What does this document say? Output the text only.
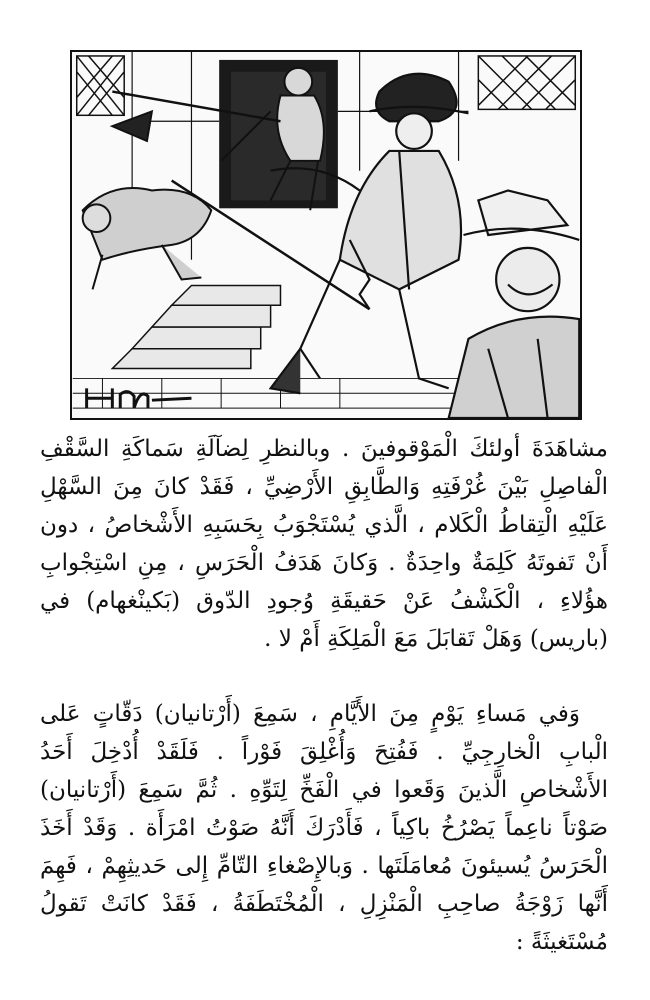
مشاهَدَةَ أولئكَ الْمَوْقوفينَ . وبالنظرِ لِضآلَةِ سَماكَةِ السَّقْفِ الْفاصِلِ بَيْنَ غُرْفَتِهِ وَالطَّابِقِ الأَرْضِيِّ ، فَقَدْ كانَ مِنَ السَّهْلِ عَلَيْهِ الْتِقاطُ الْكَلام ، الَّذي يُسْتَجْوَبُ بِحَسَبِهِ الأَشْخاصُ ، دون أَنْ تَفوتَهُ كَلِمَةٌ واحِدَةٌ . وَكانَ هَدَفُ الْحَرَسِ ، مِنِ اسْتِجْوابِ هؤُلاءِ ، الْكَشْفُ عَنْ حَقيقَةِ وُجودِ الدّوق (بَكينْغهام) في (باريس) وَهَلْ تَقابَلَ مَعَ الْمَلِكَةِ أَمْ لا .

وَفي مَساءِ يَوْمٍ مِنَ الأَيَّامِ ، سَمِعَ (أَرْتانيان) دَقّاتٍ عَلى الْبابِ الْخارِجِيِّ . فَفُتِحَ وَأُغْلِقَ فَوْراً . فَلَقَدْ أُدْخِلَ أَحَدُ الأَشْخاصِ الَّذينَ وَقَعوا في الْفَخِّ لِتَوِّهِ . ثُمَّ سَمِعَ (أَرْتانيان) صَوْتاً ناعِماً يَصْرُخُ باكِياً ، فَأَدْرَكَ أَنَّهُ صَوْتُ امْرَأَة . وَقَدْ أَخَذَ الْحَرَسُ يُسيئونَ مُعامَلَتَها . وَبالإِصْغاءِ التّامِّ إِلى حَديثِهِمْ ، فَهِمَ أَنَّها زَوْجَةُ صاحِبِ الْمَنْزِلِ ، الْمُخْتَطَفَةُ ، فَقَدْ كانَتْ تَقولُ مُسْتَغيثَةً :
